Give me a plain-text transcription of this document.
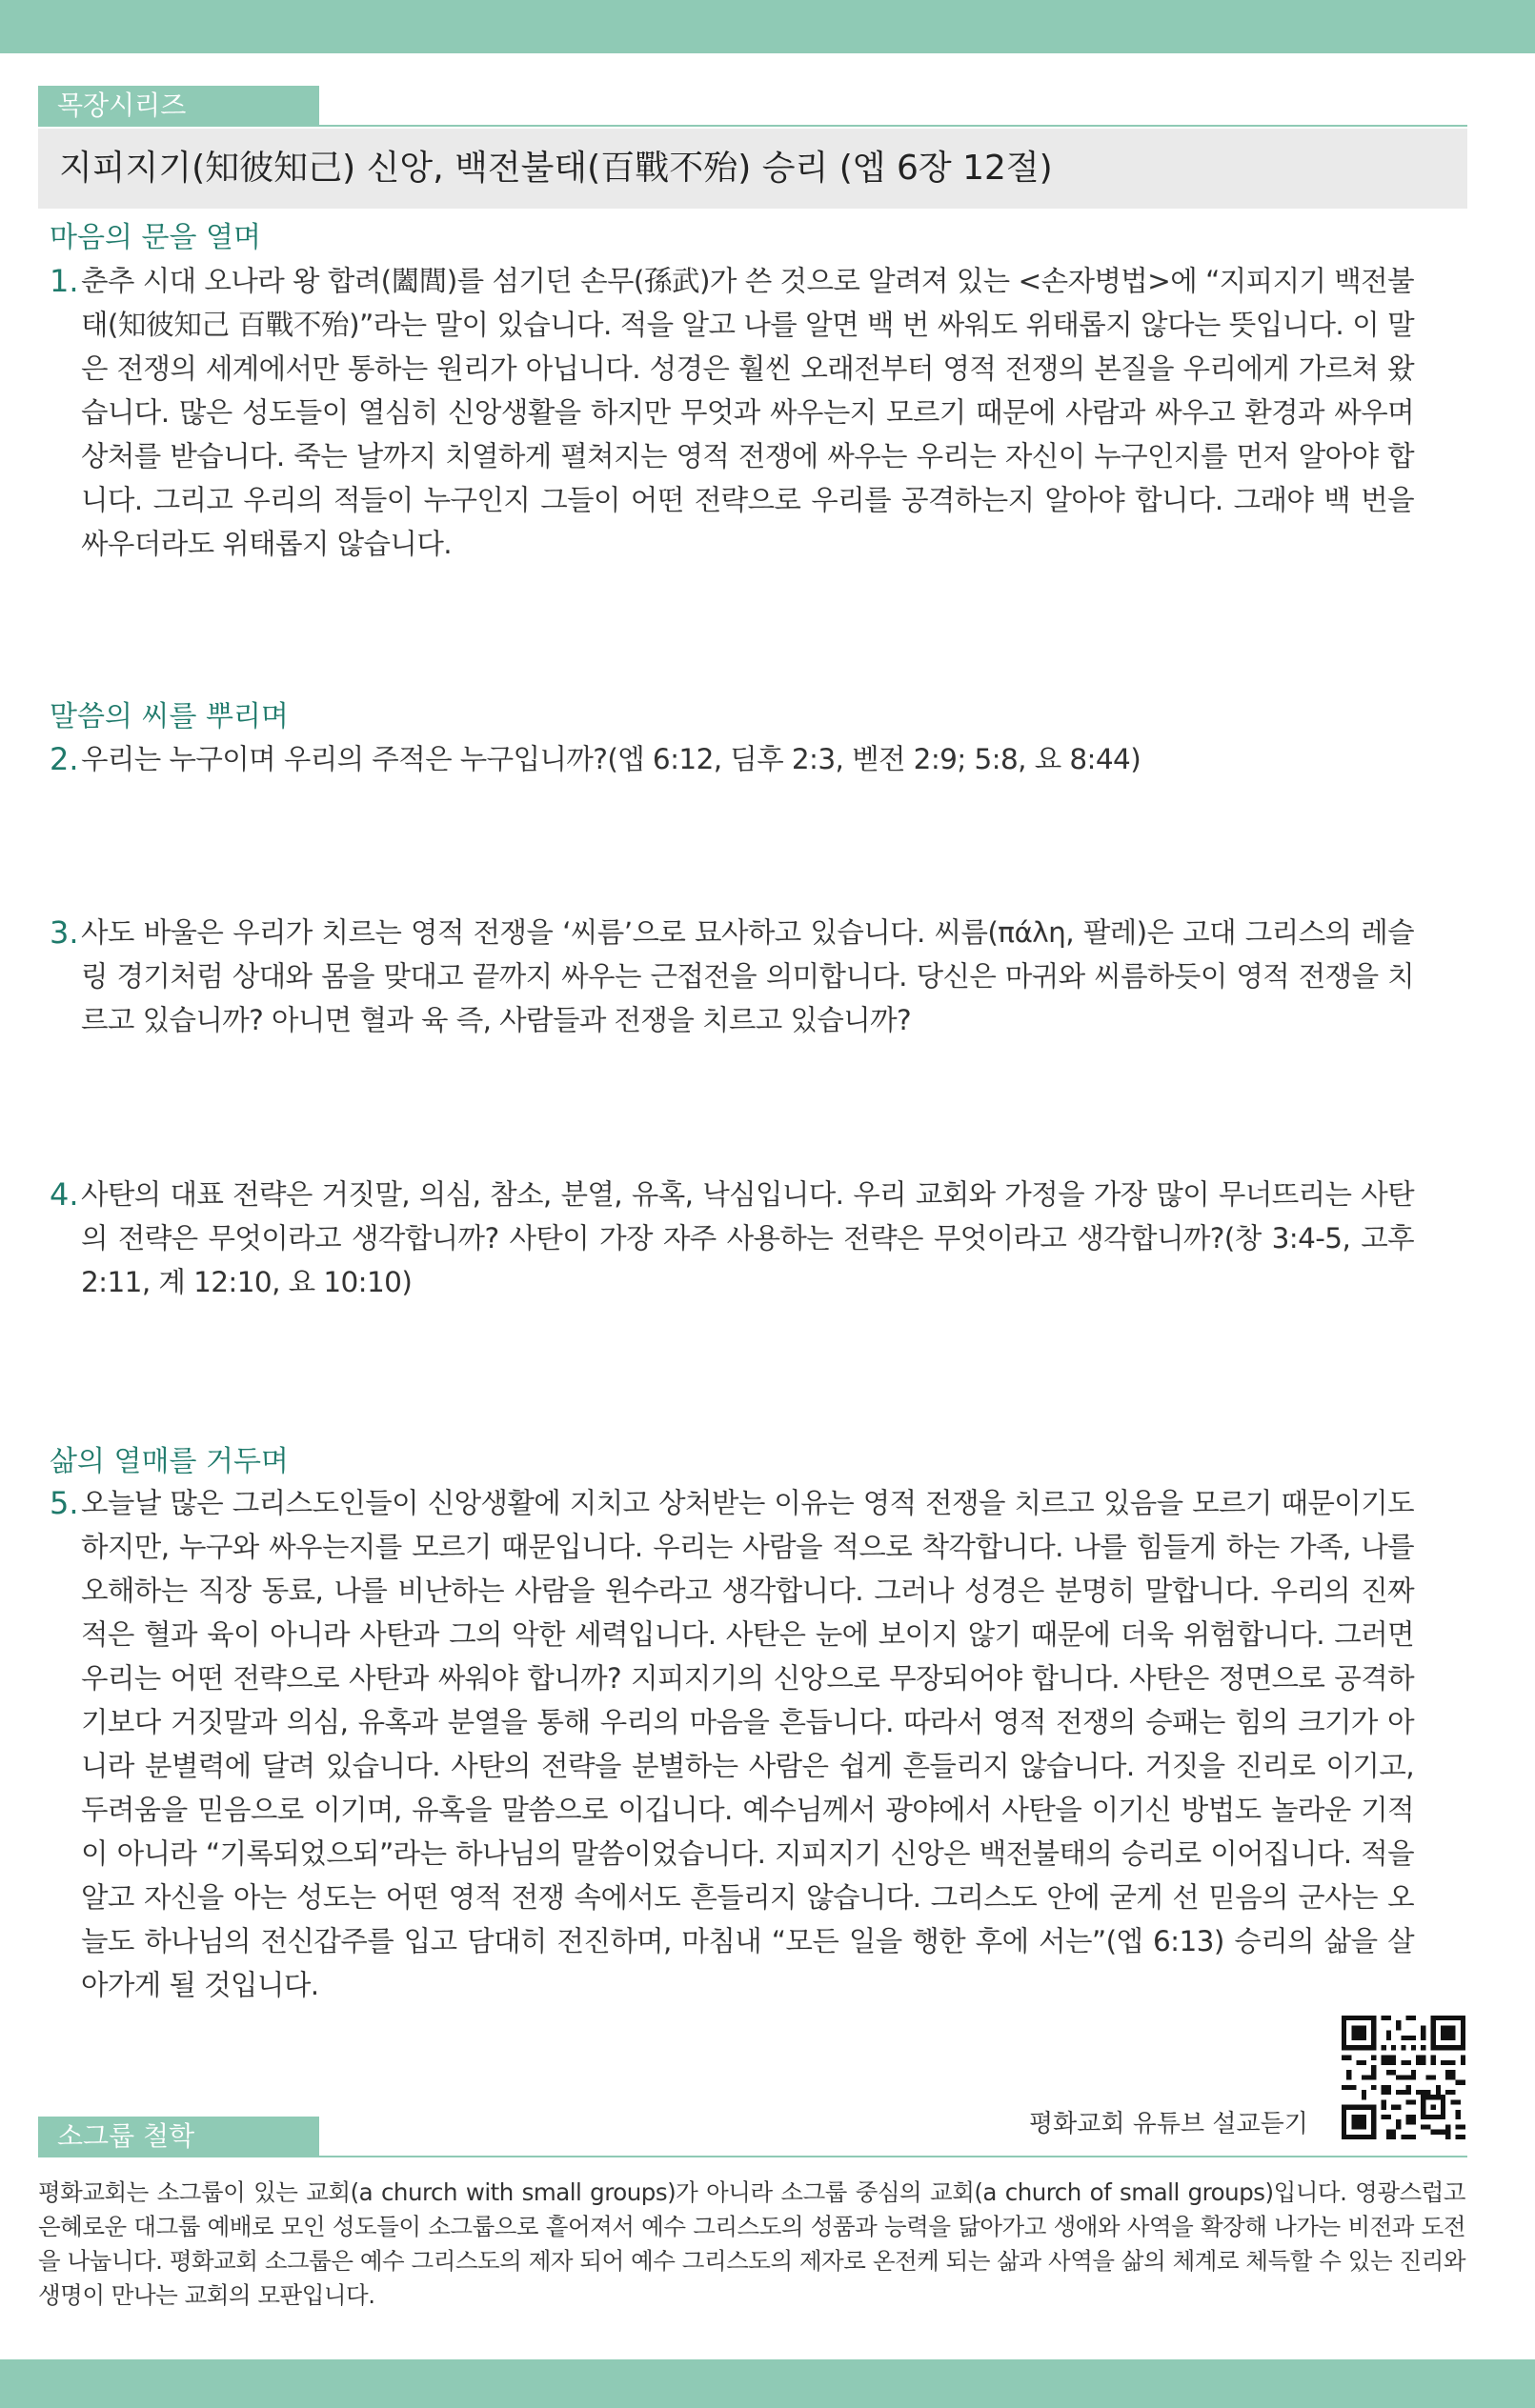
목장시리즈
지피지기(知彼知己) 신앙, 백전불태(百戰不殆) 승리 (엡 6장 12절)
마음의 문을 열며
1. 춘추 시대 오나라 왕 합려(闔閭)를 섬기던 손무(孫武)가 쓴 것으로 알려져 있는 <손자병법>에 “지피지기 백전불태(知彼知己 百戰不殆)”라는 말이 있습니다. 적을 알고 나를 알면 백 번 싸워도 위태롭지 않다는 뜻입니다. 이 말은 전쟁의 세계에서만 통하는 원리가 아닙니다. 성경은 훨씬 오래전부터 영적 전쟁의 본질을 우리에게 가르쳐 왔습니다. 많은 성도들이 열심히 신앙생활을 하지만 무엇과 싸우는지 모르기 때문에 사람과 싸우고 환경과 싸우며 상처를 받습니다. 죽는 날까지 치열하게 펼쳐지는 영적 전쟁에 싸우는 우리는 자신이 누구인지를 먼저 알아야 합니다. 그리고 우리의 적들이 누구인지 그들이 어떤 전략으로 우리를 공격하는지 알아야 합니다. 그래야 백 번을 싸우더라도 위태롭지 않습니다.
말씀의 씨를 뿌리며
2. 우리는 누구이며 우리의 주적은 누구입니까?(엡 6:12, 딤후 2:3, 벧전 2:9; 5:8, 요 8:44)
3. 사도 바울은 우리가 치르는 영적 전쟁을 ‘씨름’으로 묘사하고 있습니다. 씨름(πάλη, 팔레)은 고대 그리스의 레슬링 경기처럼 상대와 몸을 맞대고 끝까지 싸우는 근접전을 의미합니다. 당신은 마귀와 씨름하듯이 영적 전쟁을 치르고 있습니까? 아니면 혈과 육 즉, 사람들과 전쟁을 치르고 있습니까?
4. 사탄의 대표 전략은 거짓말, 의심, 참소, 분열, 유혹, 낙심입니다. 우리 교회와 가정을 가장 많이 무너뜨리는 사탄의 전략은 무엇이라고 생각합니까? 사탄이 가장 자주 사용하는 전략은 무엇이라고 생각합니까?(창 3:4-5, 고후 2:11, 계 12:10, 요 10:10)
삶의 열매를 거두며
5. 오늘날 많은 그리스도인들이 신앙생활에 지치고 상처받는 이유는 영적 전쟁을 치르고 있음을 모르기 때문이기도 하지만, 누구와 싸우는지를 모르기 때문입니다. 우리는 사람을 적으로 착각합니다. 나를 힘들게 하는 가족, 나를 오해하는 직장 동료, 나를 비난하는 사람을 원수라고 생각합니다. 그러나 성경은 분명히 말합니다. 우리의 진짜 적은 혈과 육이 아니라 사탄과 그의 악한 세력입니다. 사탄은 눈에 보이지 않기 때문에 더욱 위험합니다. 그러면 우리는 어떤 전략으로 사탄과 싸워야 합니까? 지피지기의 신앙으로 무장되어야 합니다. 사탄은 정면으로 공격하기보다 거짓말과 의심, 유혹과 분열을 통해 우리의 마음을 흔듭니다. 따라서 영적 전쟁의 승패는 힘의 크기가 아니라 분별력에 달려 있습니다. 사탄의 전략을 분별하는 사람은 쉽게 흔들리지 않습니다. 거짓을 진리로 이기고, 두려움을 믿음으로 이기며, 유혹을 말씀으로 이깁니다. 예수님께서 광야에서 사탄을 이기신 방법도 놀라운 기적이 아니라 “기록되었으되”라는 하나님의 말씀이었습니다. 지피지기 신앙은 백전불태의 승리로 이어집니다. 적을 알고 자신을 아는 성도는 어떤 영적 전쟁 속에서도 흔들리지 않습니다. 그리스도 안에 굳게 선 믿음의 군사는 오늘도 하나님의 전신갑주를 입고 담대히 전진하며, 마침내 “모든 일을 행한 후에 서는”(엡 6:13) 승리의 삶을 살아가게 될 것입니다.
평화교회 유튜브 설교듣기
소그룹 철학
평화교회는 소그룹이 있는 교회(a church with small groups)가 아니라 소그룹 중심의 교회(a church of small groups)입니다. 영광스럽고 은혜로운 대그룹 예배로 모인 성도들이 소그룹으로 흩어져서 예수 그리스도의 성품과 능력을 닮아가고 생애와 사역을 확장해 나가는 비전과 도전을 나눕니다. 평화교회 소그룹은 예수 그리스도의 제자 되어 예수 그리스도의 제자로 온전케 되는 삶과 사역을 삶의 체계로 체득할 수 있는 진리와 생명이 만나는 교회의 모판입니다.
